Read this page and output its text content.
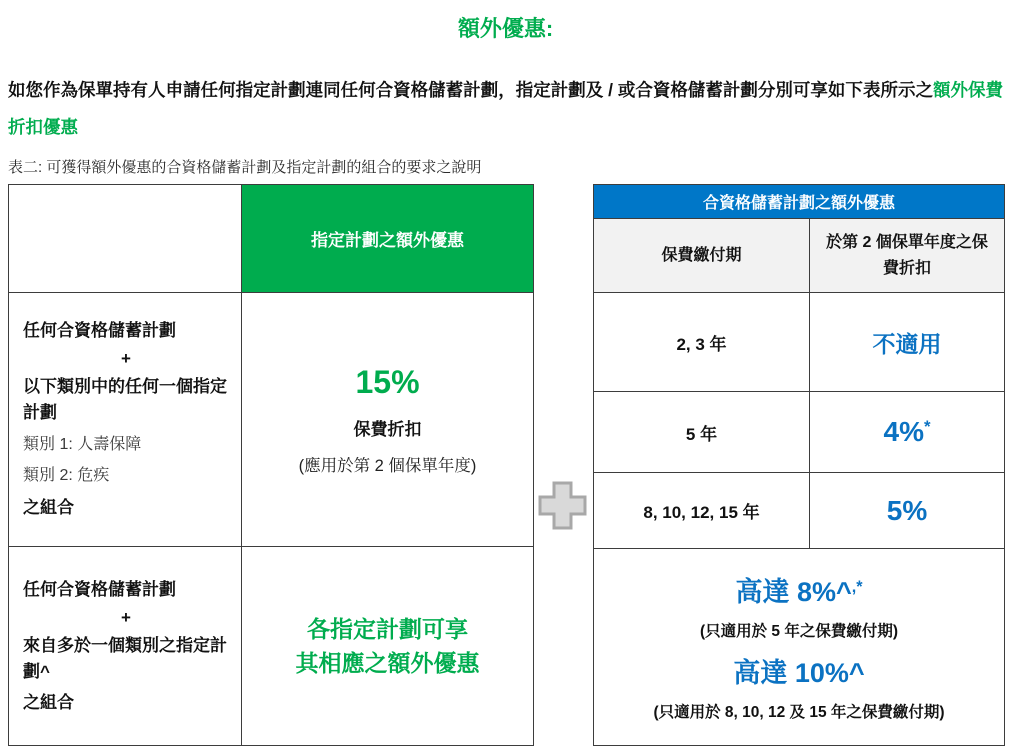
額外優惠:
如您作為保單持有人申請任何指定計劃連同任何合資格儲蓄計劃，指定計劃及 / 或合資格儲蓄計劃分別可享如下表所示之額外保費折扣優惠
表二: 可獲得額外優惠的合資格儲蓄計劃及指定計劃的組合的要求之說明
	指定計劃之額外優惠

任何合資格儲蓄計劃
+
以下類別中的任何一個指定計劃
類別 1: 人壽保障
類別 2: 危疾
之組合

15%
保費折扣
(應用於第 2 個保單年度)

任何合資格儲蓄計劃
+
來自多於一個類別之指定計劃^
之組合

各指定計劃可享
其相應之額外優惠
合資格儲蓄計劃之額外優惠	
保費繳付期	於第 2 個保單年度之保費折扣
2, 3 年	不適用
5 年	4%*
8, 10, 12, 15 年	5%

高達 8%^,*
(只適用於 5 年之保費繳付期)
高達 10%^
(只適用於 8, 10, 12 及 15 年之保費繳付期)	
